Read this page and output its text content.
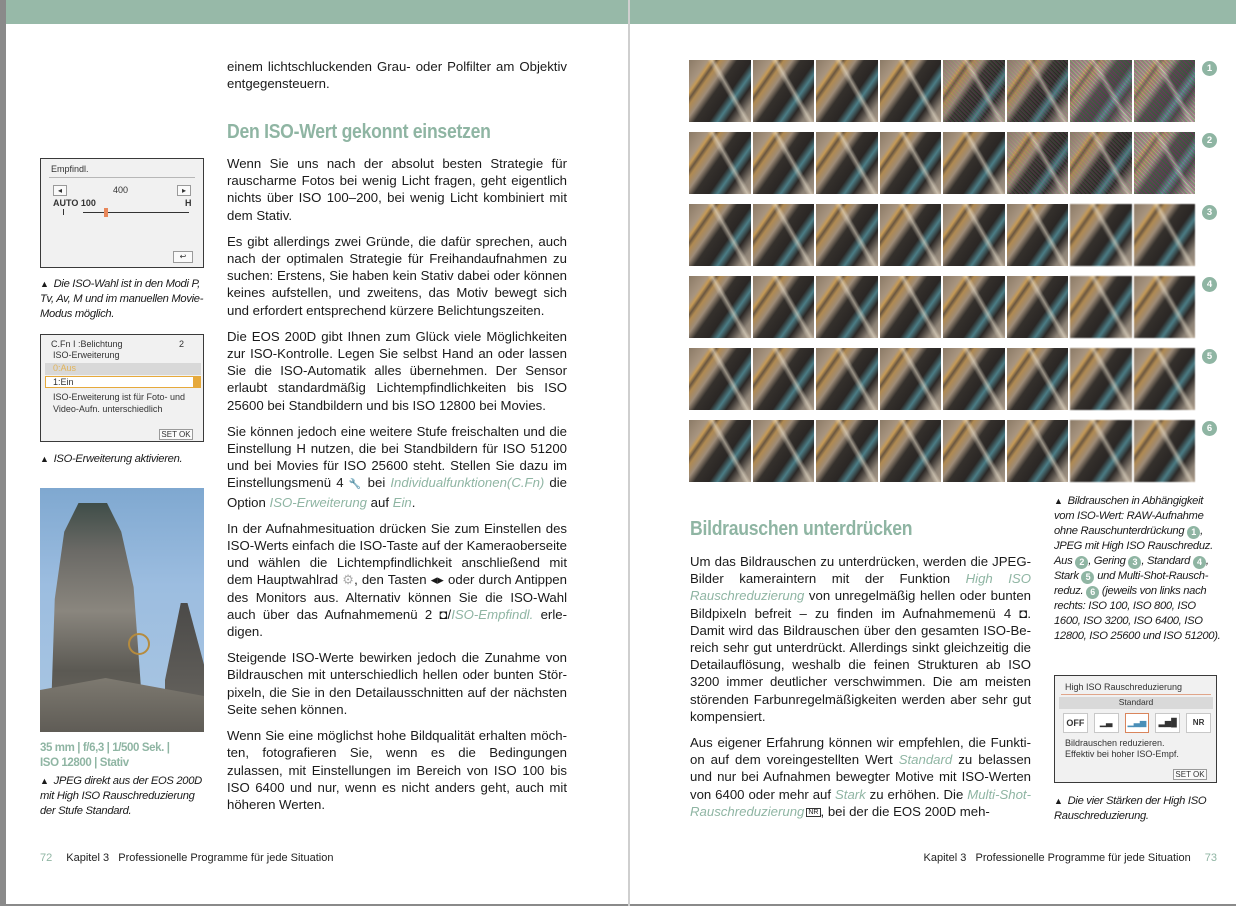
einem lichtschluckenden Grau- oder Polfilter am Objektiv entgegensteuern.

Den ISO-Wert gekonnt einsetzen

Wenn Sie uns nach der absolut besten Strategie für rauscharme Fotos bei wenig Licht fragen, geht eigentlich nichts über ISO 100–200, bei wenig Licht kombiniert mit dem Stativ.

Es gibt allerdings zwei Gründe, die dafür sprechen, auch nach der optimalen Strategie für Freihandaufnahmen zu suchen: Erstens, Sie haben kein Stativ dabei oder können keines aufstellen, und zweitens, das Motiv bewegt sich und erfordert entsprechend kürzere Belichtungszeiten.

Die EOS 200D gibt Ihnen zum Glück viele Möglichkeiten zur ISO-Kontrolle. Legen Sie selbst Hand an oder lassen Sie die ISO-Automatik alles übernehmen. Der Sensor erlaubt standardmäßig Lichtempfindlichkeiten bis ISO 25600 bei Standbildern und bis ISO 12800 bei Movies.

Sie können jedoch eine weitere Stufe freischalten und die Einstellung H nutzen, die bei Standbildern für ISO 51200 und bei Movies für ISO 25600 steht. Stellen Sie dazu im Einstellungsmenü 4 🔧 bei Individualfunktionen(C.Fn) die Option ISO-Erweiterung auf Ein.

In der Aufnahmesituation drücken Sie zum Einstellen des ISO-Werts einfach die ISO-Taste auf der Kameraoberseite und wählen die Lichtempfindlichkeit anschließend mit dem Hauptwahlrad ⚙, den Tasten ◂▸ oder durch Antippen des Monitors aus. Alternativ können Sie die ISO-Wahl auch über das Aufnahmemenü 2 ◘/ISO-Empfindl. erledigen.

Steigende ISO-Werte bewirken jedoch die Zunahme von Bildrauschen mit unterschiedlich hellen oder bunten Störpixeln, die Sie in den Detailausschnitten auf der nächsten Seite sehen können.

Wenn Sie eine möglichst hohe Bildqualität erhalten möchten, fotografieren Sie, wenn es die Bedingungen zulassen, mit Einstellungen im Bereich von ISO 100 bis ISO 6400 und nur, wenn es nicht anders geht, auch mit höheren Werten.

Empfindl.
◂	400	▸
AUTO 100	H
↩
▲ Die ISO-Wahl ist in den Modi P, Tv, Av, M und im manuellen Movie-Modus möglich.
C.Fn I :Belichtung	2
ISO-Erweiterung
0:Aus
1:Ein
ISO-Erweiterung ist für Foto- und Video-Aufn. unterschiedlich
SET OK
▲ ISO-Erweiterung aktivieren.
35 mm | f/6,3 | 1/500 Sek. | ISO 12800 | Stativ
▲ JPEG direkt aus der EOS 200D mit High ISO Rauschreduzierung der Stufe Standard.
72 Kapitel 3 Professionelle Programme für jede Situation
1
2
3
4
5
6
▲ Bildrauschen in Abhängigkeit vom ISO-Wert: RAW-Aufnahme ohne Rauschunterdrückung 1 , JPEG mit High ISO Rauschreduz. Aus 2 , Gering 3 , Standard 4 , Stark 5 und Multi-Shot-Rauschreduz. 6 (jeweils von links nach rechts: ISO 100, ISO 800, ISO 1600, ISO 3200, ISO 6400, ISO 12800, ISO 25600 und ISO 51200).
Bildrauschen unterdrücken

Um das Bildrauschen zu unterdrücken, werden die JPEG-Bilder kameraintern mit der Funktion High ISO Rauschreduzierung von unregelmäßig hellen oder bunten Bildpixeln befreit – zu finden im Aufnahmemenü 4 ◘. Damit wird das Bildrauschen über den gesamten ISO-Bereich sehr gut unterdrückt. Allerdings sinkt gleichzeitig die Detailauflösung, weshalb die feinen Strukturen ab ISO 3200 immer deutlicher verschwimmen. Die am meisten störenden Farbunregelmäßigkeiten werden aber sehr gut kompensiert.

Aus eigener Erfahrung können wir empfehlen, die Funktion auf dem voreingestellten Wert Standard zu belassen und nur bei Aufnahmen bewegter Motive mit ISO-Werten von 6400 oder mehr auf Stark zu erhöhen. Die Multi-Shot-Rauschreduzierung NR , bei der die EOS 200D meh-

High ISO Rauschreduzierung
Standard
OFF	▁▃	▁▃▅	▂▅█	NR
Bildrauschen reduzieren.
Effektiv bei hoher ISO-Empf.
SET OK
▲ Die vier Stärken der High ISO Rauschreduzierung.
Kapitel 3 Professionelle Programme für jede Situation 73
